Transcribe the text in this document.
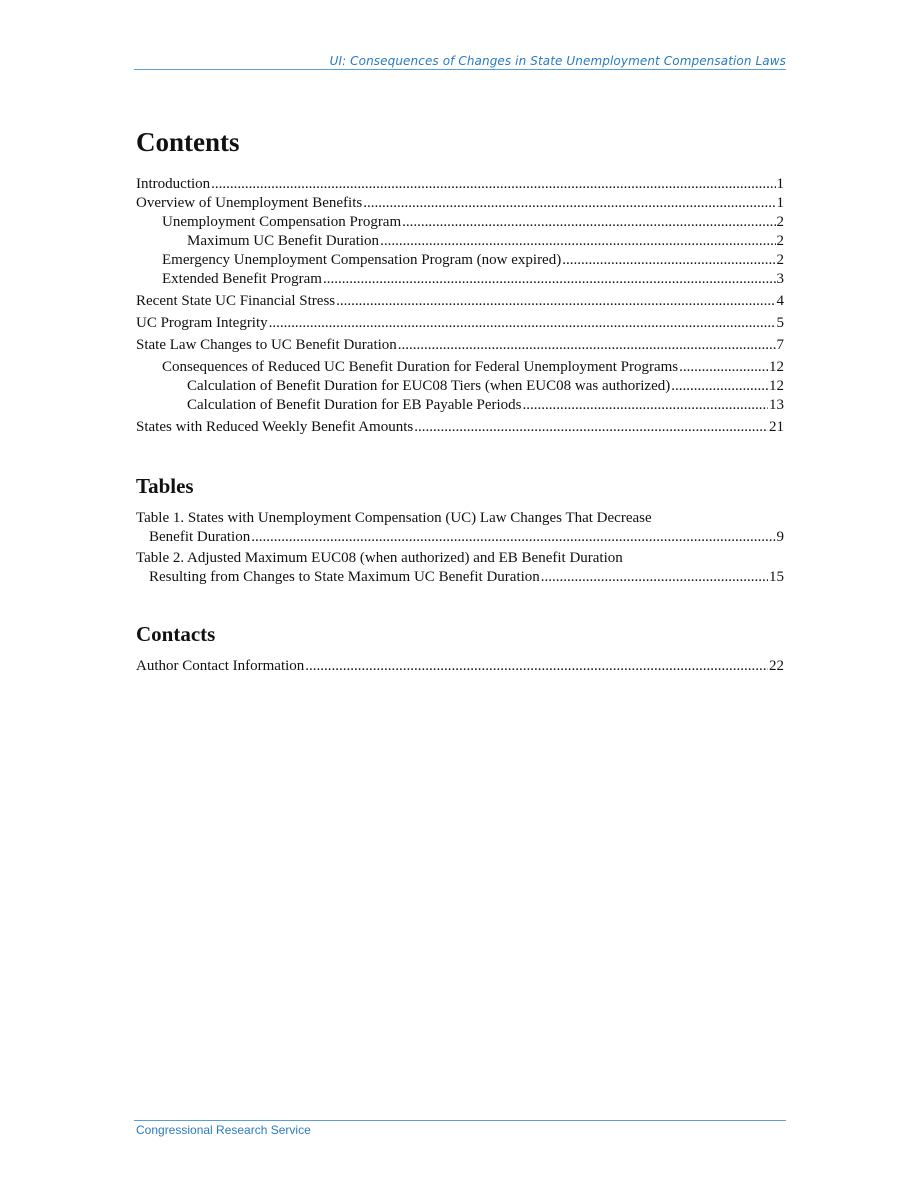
UI: Consequences of Changes in State Unemployment Compensation Laws
Contents
Introduction .....	1
Overview of Unemployment Benefits .....	1
Unemployment Compensation Program .....	2
Maximum UC Benefit Duration .....	2
Emergency Unemployment Compensation Program (now expired) .....	2
Extended Benefit Program .....	3
Recent State UC Financial Stress .....	4
UC Program Integrity .....	5
State Law Changes to UC Benefit Duration .....	7
Consequences of Reduced UC Benefit Duration for Federal Unemployment Programs .....	12
Calculation of Benefit Duration for EUC08 Tiers (when EUC08 was authorized) .....	12
Calculation of Benefit Duration for EB Payable Periods .....	13
States with Reduced Weekly Benefit Amounts .....	21
Tables
Table 1. States with Unemployment Compensation (UC) Law Changes That Decrease
Benefit Duration .....	9
Table 2. Adjusted Maximum EUC08 (when authorized) and EB Benefit Duration
Resulting from Changes to State Maximum UC Benefit Duration .....	15
Contacts
Author Contact Information .....	22
Congressional Research Service
